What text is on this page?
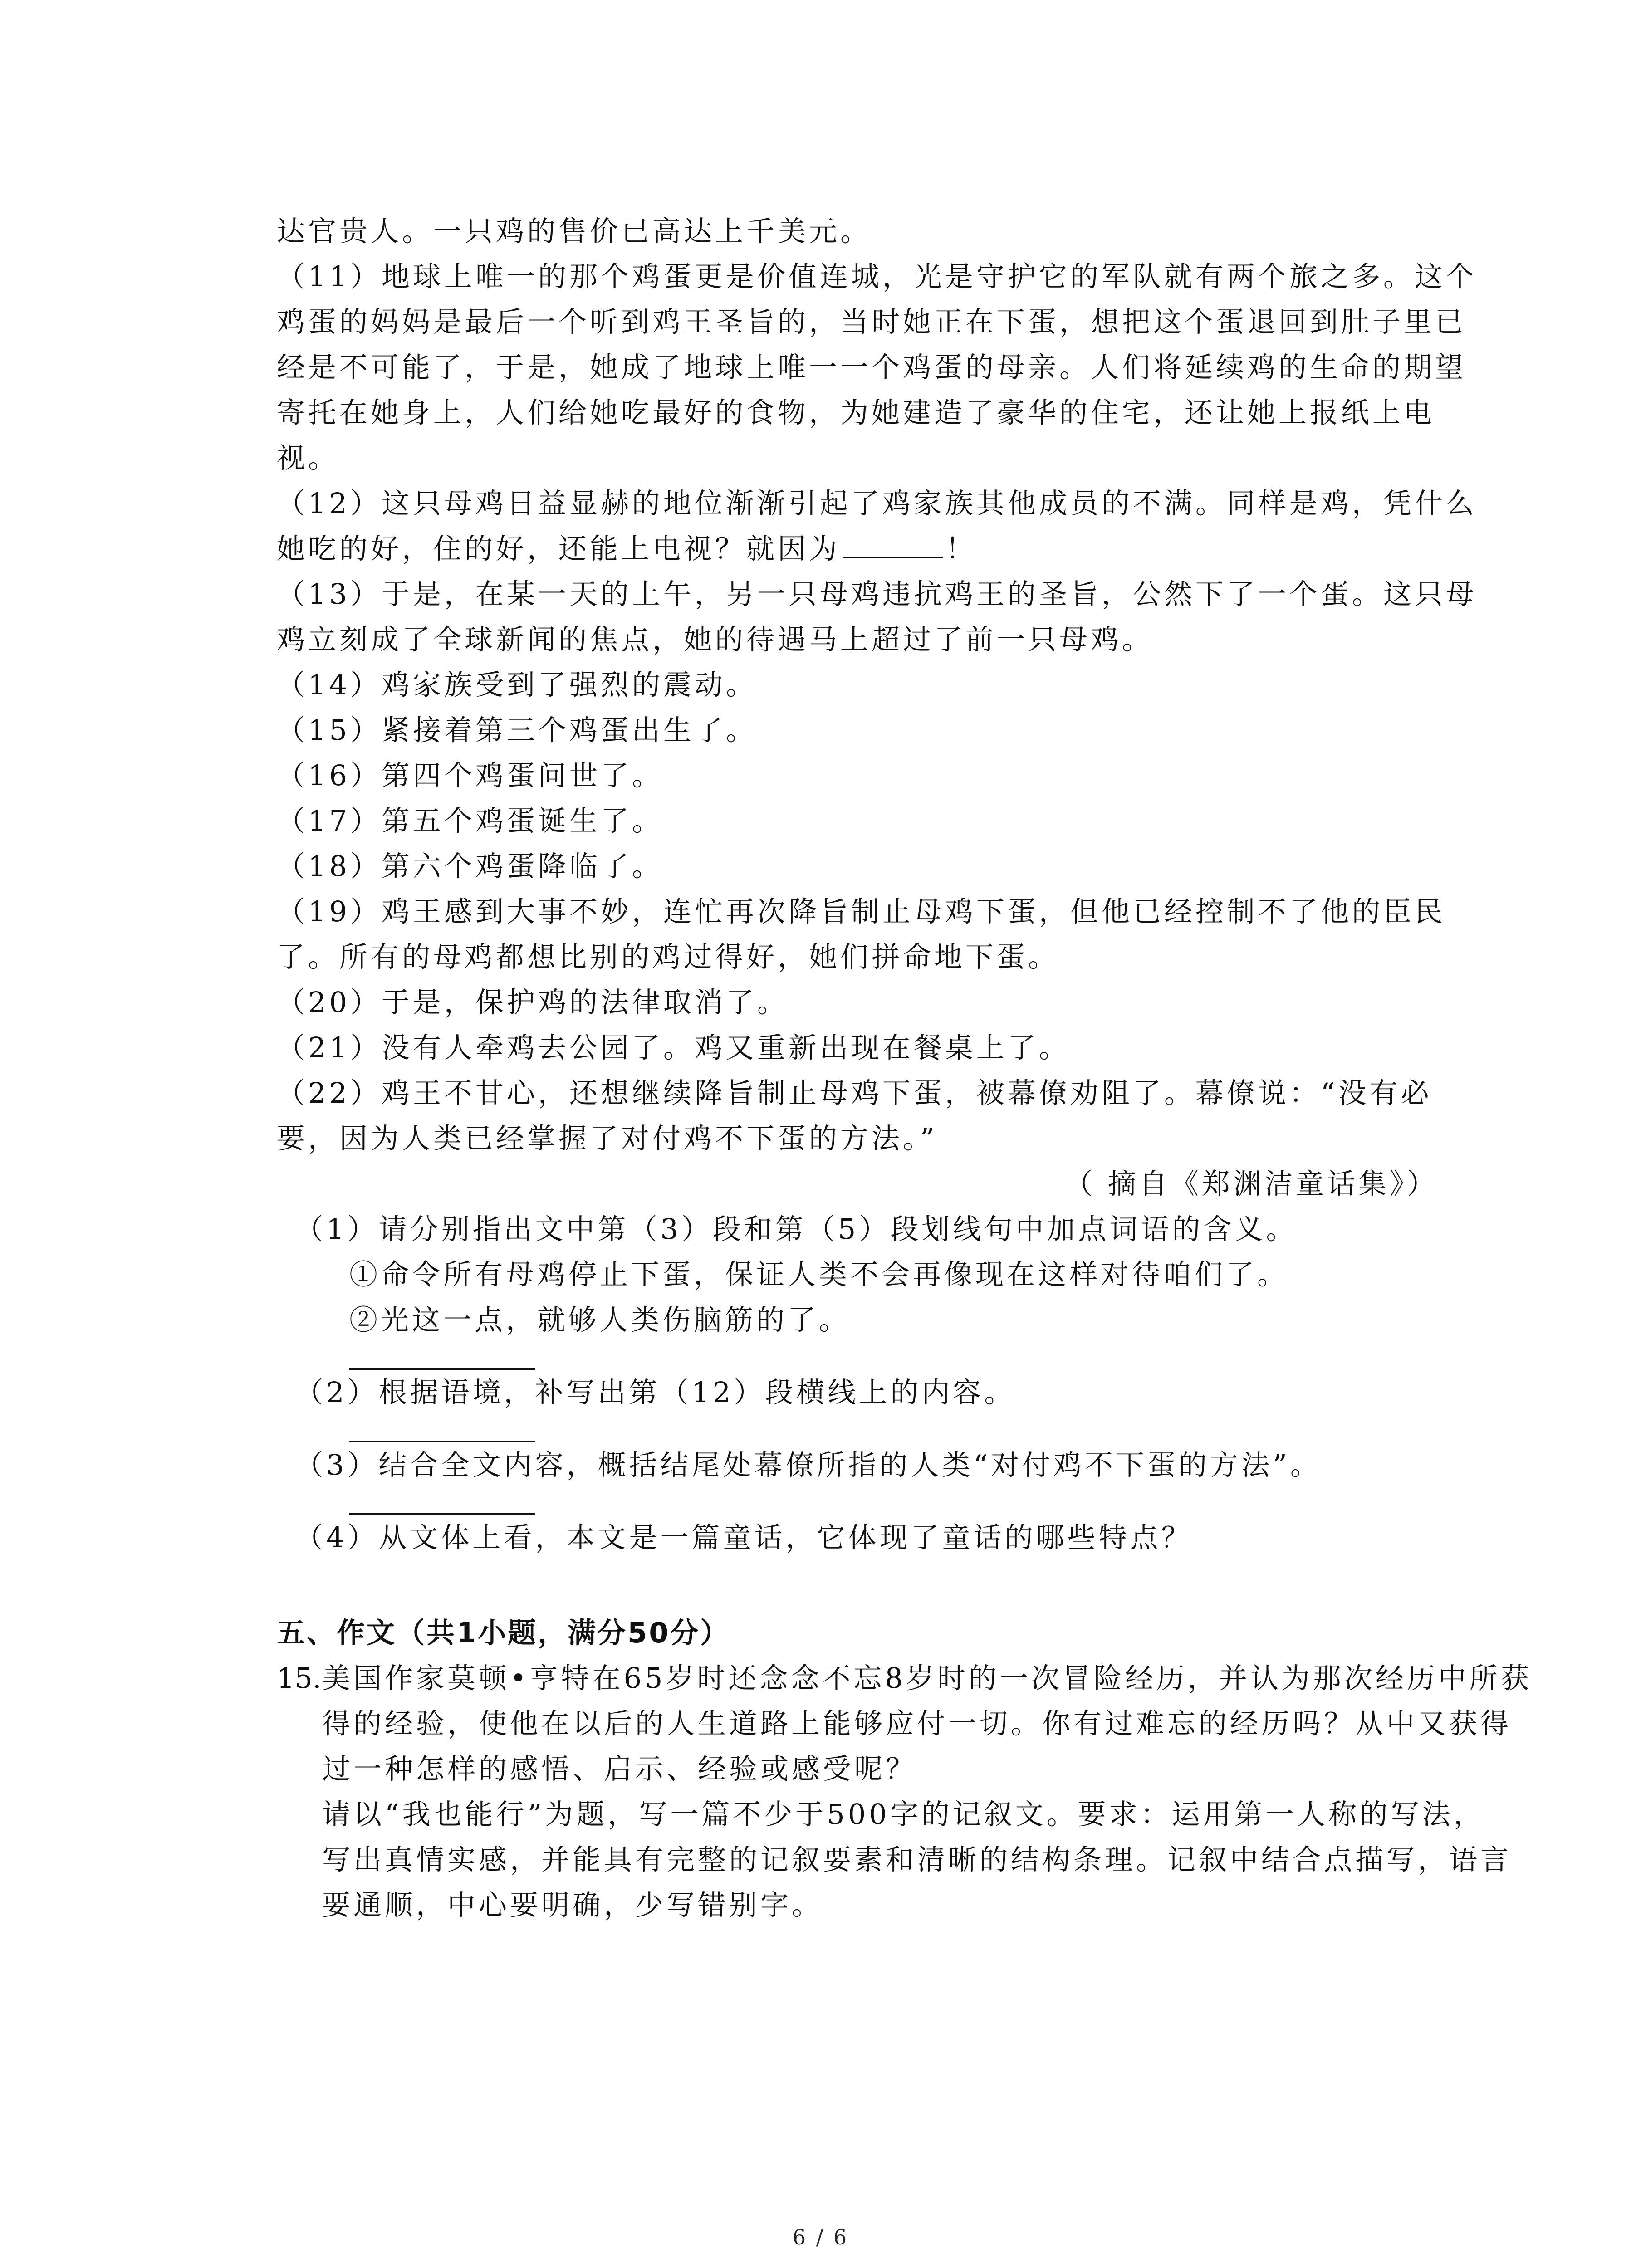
达官贵人。一只鸡的售价已高达上千美元。
（11）地球上唯一的那个鸡蛋更是价值连城，光是守护它的军队就有两个旅之多。这个
鸡蛋的妈妈是最后一个听到鸡王圣旨的，当时她正在下蛋，想把这个蛋退回到肚子里已
经是不可能了，于是，她成了地球上唯一一个鸡蛋的母亲。人们将延续鸡的生命的期望
寄托在她身上，人们给她吃最好的食物，为她建造了豪华的住宅，还让她上报纸上电
视。
（12）这只母鸡日益显赫的地位渐渐引起了鸡家族其他成员的不满。同样是鸡，凭什么
她吃的好，住的好，还能上电视？就因为	！
（13）于是，在某一天的上午，另一只母鸡违抗鸡王的圣旨，公然下了一个蛋。这只母
鸡立刻成了全球新闻的焦点，她的待遇马上超过了前一只母鸡。
（14）鸡家族受到了强烈的震动。
（15）紧接着第三个鸡蛋出生了。
（16）第四个鸡蛋问世了。
（17）第五个鸡蛋诞生了。
（18）第六个鸡蛋降临了。
（19）鸡王感到大事不妙，连忙再次降旨制止母鸡下蛋，但他已经控制不了他的臣民
了。所有的母鸡都想比别的鸡过得好，她们拼命地下蛋。
（20）于是，保护鸡的法律取消了。
（21）没有人牵鸡去公园了。鸡又重新出现在餐桌上了。
（22）鸡王不甘心，还想继续降旨制止母鸡下蛋，被幕僚劝阻了。幕僚说：“没有必
要，因为人类已经掌握了对付鸡不下蛋的方法。”
（ 摘自《郑渊洁童话集》）
（1）请分别指出文中第（3）段和第（5）段划线句中加点词语的含义。
①命令所有母鸡停止下蛋，保证人类不会再像现在这样对待咱们了。
②光这一点，就够人类伤脑筋的了。
（2）根据语境，补写出第（12）段横线上的内容。
（3）结合全文内容，概括结尾处幕僚所指的人类“对付鸡不下蛋的方法”。
（4）从文体上看，本文是一篇童话，它体现了童话的哪些特点？
五、作文（共1小题，满分50分）
15.美国作家莫顿•亨特在65岁时还念念不忘8岁时的一次冒险经历，并认为那次经历中所获
得的经验，使他在以后的人生道路上能够应付一切。你有过难忘的经历吗？从中又获得
过一种怎样的感悟、启示、经验或感受呢？
请以“我也能行”为题，写一篇不少于500字的记叙文。要求：运用第一人称的写法，
写出真情实感，并能具有完整的记叙要素和清晰的结构条理。记叙中结合点描写，语言
要通顺，中心要明确，少写错别字。
6 / 6
